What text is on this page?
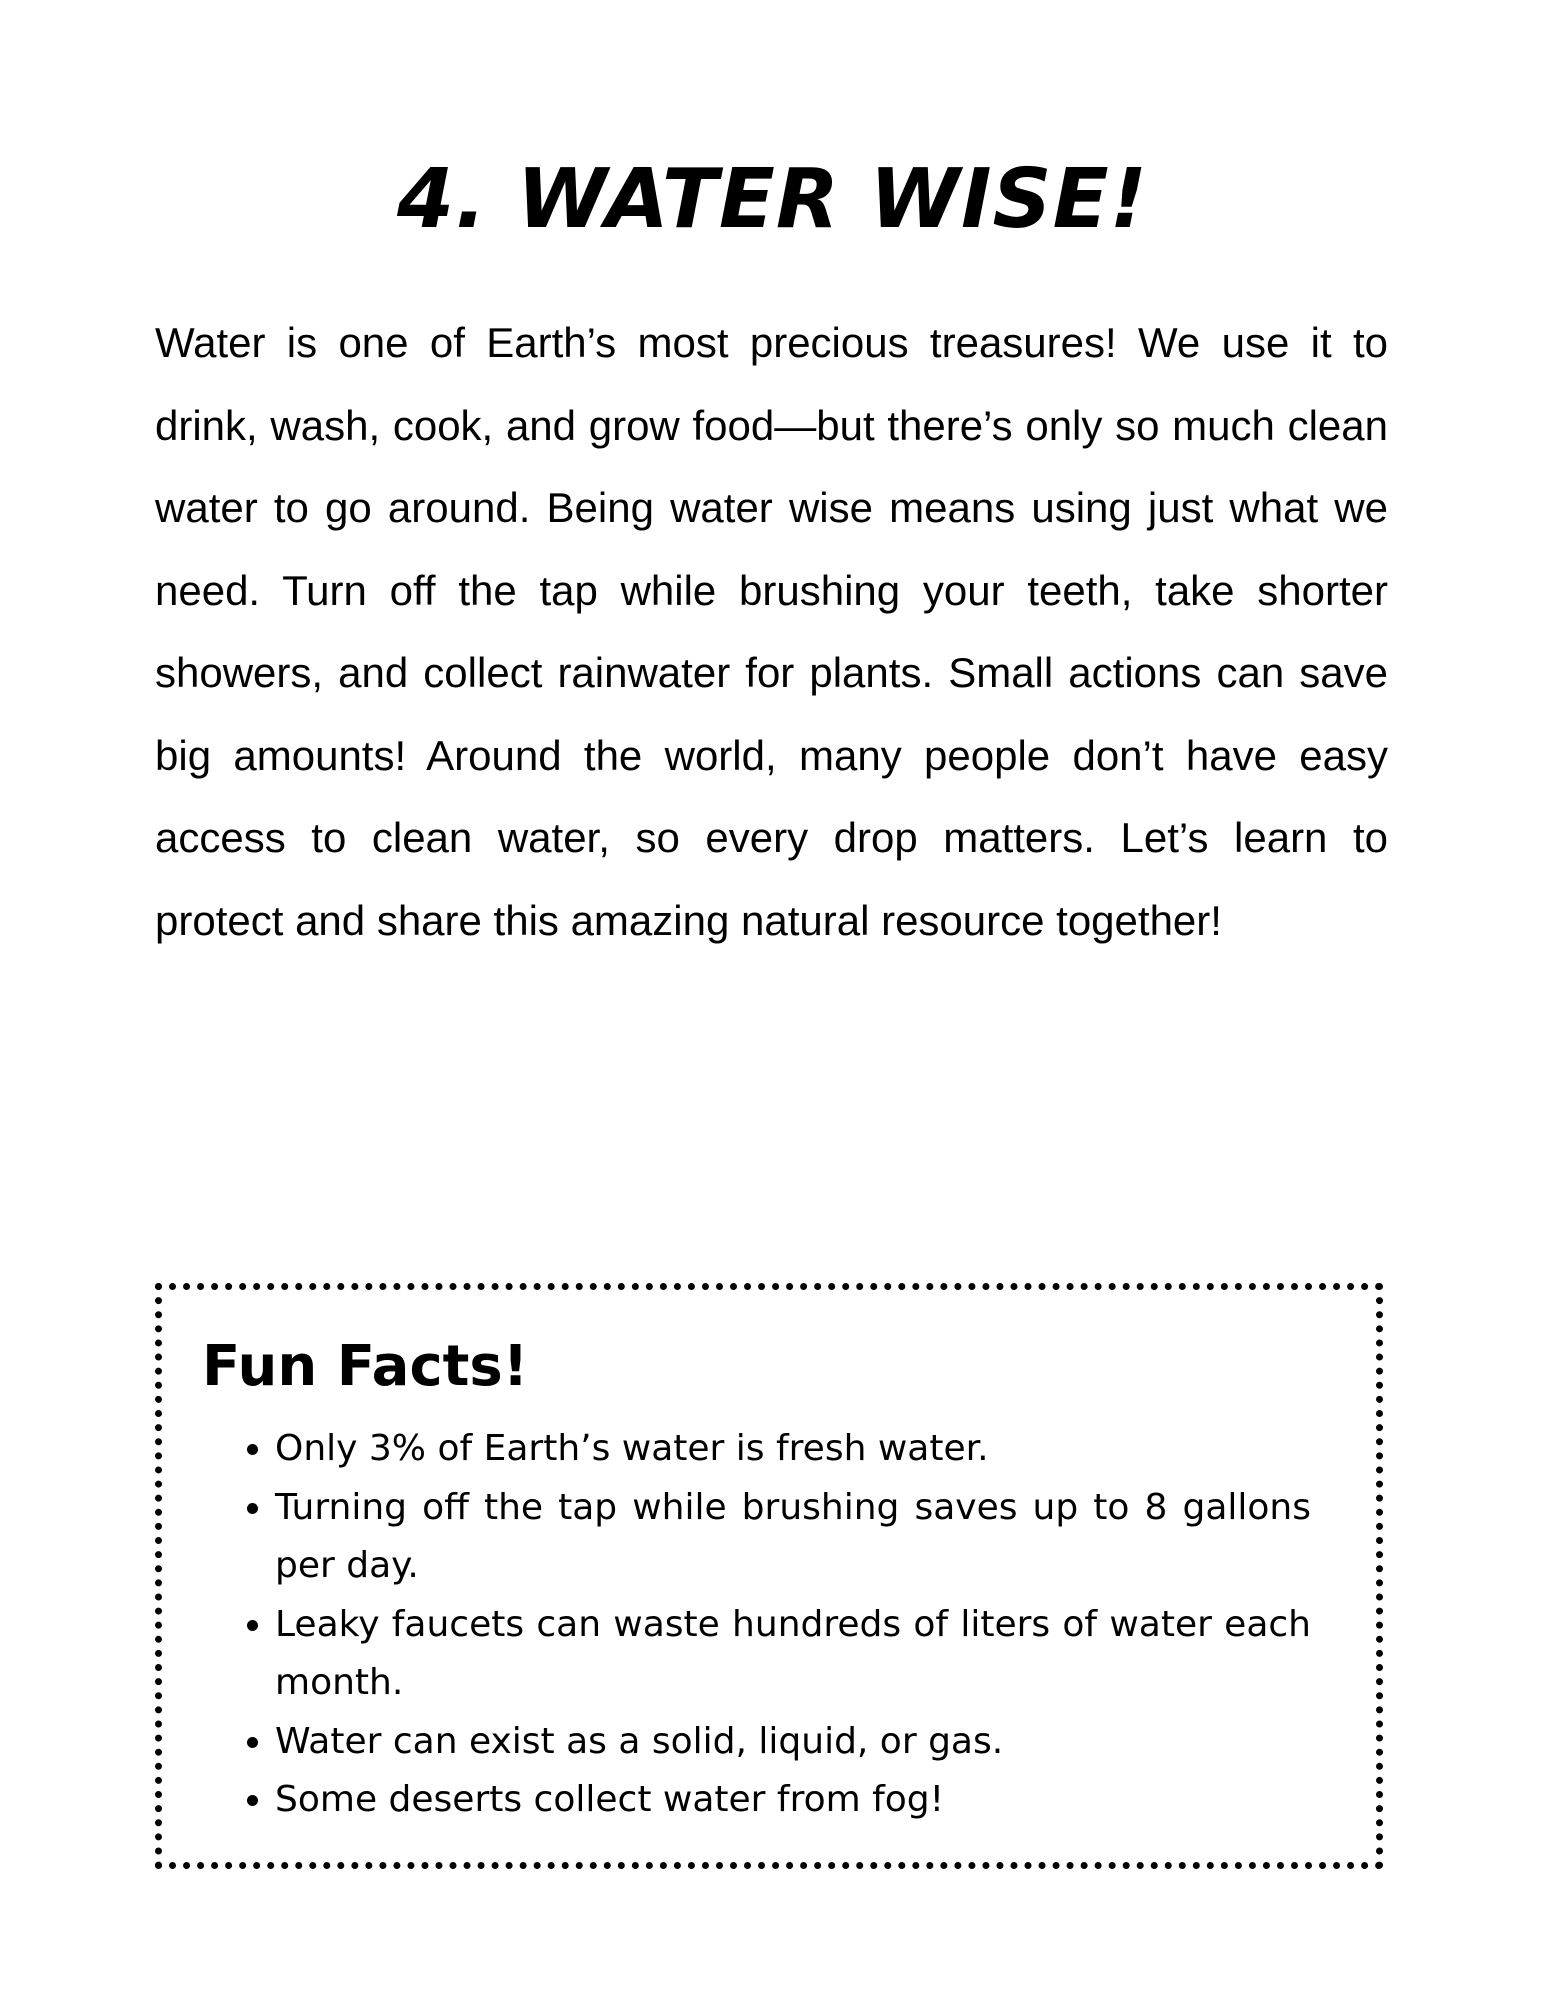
4. WATER WISE!

Water is one of Earth’s most precious treasures! We use it to drink, wash, cook, and grow food—but there’s only so much clean water to go around. Being water wise means using just what we need. Turn off the tap while brushing your teeth, take shorter showers, and collect rainwater for plants. Small actions can save big amounts! Around the world, many people don’t have easy access to clean water, so every drop matters. Let’s learn to protect and share this amazing natural resource together!

Fun Facts!
• Only 3% of Earth’s water is fresh water.
• Turning off the tap while brushing saves up to 8 gallons per day.
• Leaky faucets can waste hundreds of liters of water each month.
• Water can exist as a solid, liquid, or gas.
• Some deserts collect water from fog!
